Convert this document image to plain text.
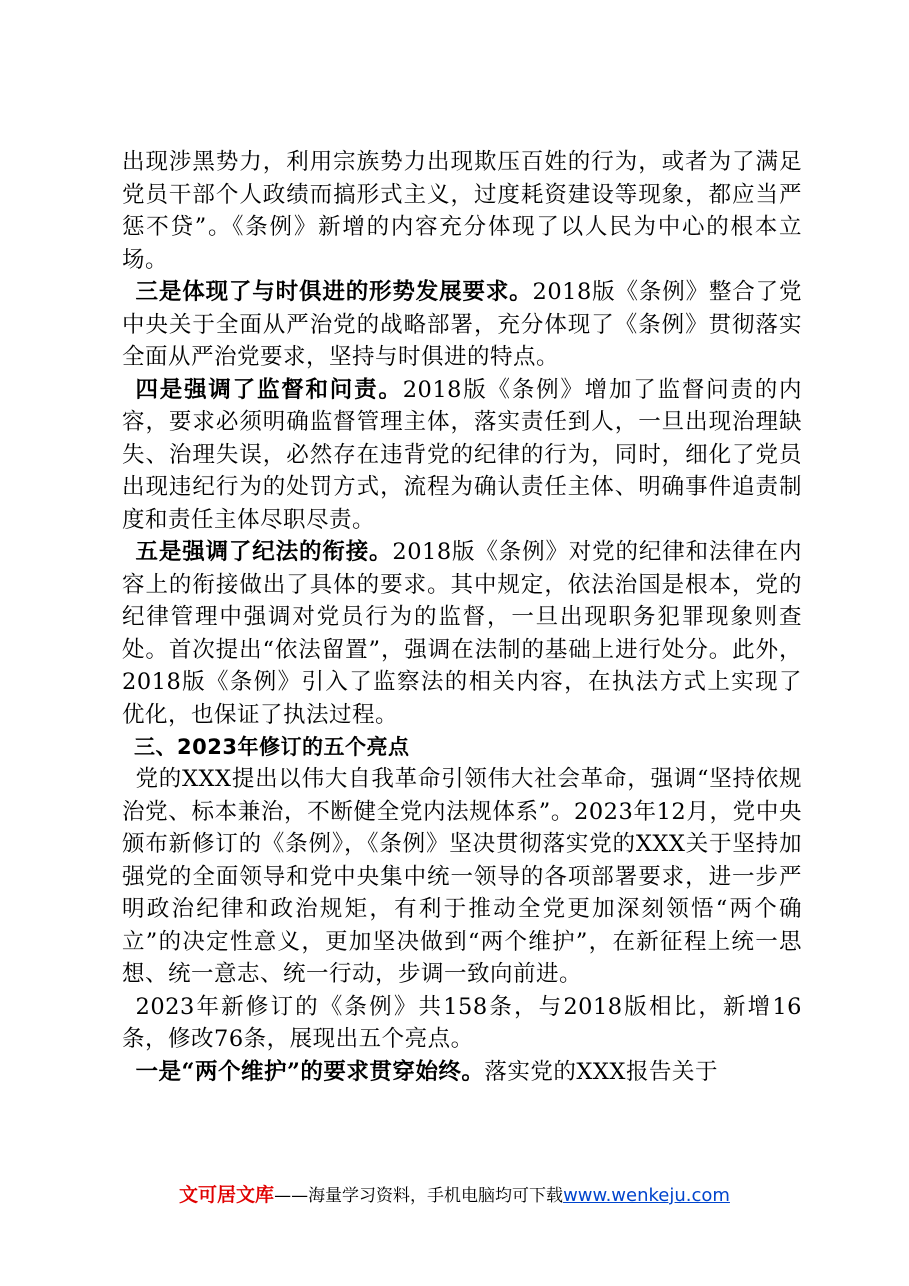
出现涉黑势力，利用宗族势力出现欺压百姓的行为，或者为了满足党员干部个人政绩而搞形式主义，过度耗资建设等现象，都应当严惩不贷”。《条例》新增的内容充分体现了以人民为中心的根本立场。

三是体现了与时俱进的形势发展要求。2018版《条例》整合了党中央关于全面从严治党的战略部署，充分体现了《条例》贯彻落实全面从严治党要求，坚持与时俱进的特点。

四是强调了监督和问责。2018版《条例》增加了监督问责的内容，要求必须明确监督管理主体，落实责任到人，一旦出现治理缺失、治理失误，必然存在违背党的纪律的行为，同时，细化了党员出现违纪行为的处罚方式，流程为确认责任主体、明确事件追责制度和责任主体尽职尽责。

五是强调了纪法的衔接。2018版《条例》对党的纪律和法律在内容上的衔接做出了具体的要求。其中规定，依法治国是根本，党的纪律管理中强调对党员行为的监督，一旦出现职务犯罪现象则查处。首次提出“依法留置”，强调在法制的基础上进行处分。此外，2018版《条例》引入了监察法的相关内容，在执法方式上实现了优化，也保证了执法过程。

三、2023年修订的五个亮点

党的XXX提出以伟大自我革命引领伟大社会革命，强调“坚持依规治党、标本兼治，不断健全党内法规体系”。2023年12月，党中央颁布新修订的《条例》，《条例》坚决贯彻落实党的XXX关于坚持加强党的全面领导和党中央集中统一领导的各项部署要求，进一步严明政治纪律和政治规矩，有利于推动全党更加深刻领悟“两个确立”的决定性意义，更加坚决做到“两个维护”，在新征程上统一思想、统一意志、统一行动，步调一致向前进。

2023年新修订的《条例》共158条，与2018版相比，新增16条，修改76条，展现出五个亮点。

一是“两个维护”的要求贯穿始终。落实党的XXX报告关于

文可居文库——海量学习资料，手机电脑均可下载www.wenkeju.com
